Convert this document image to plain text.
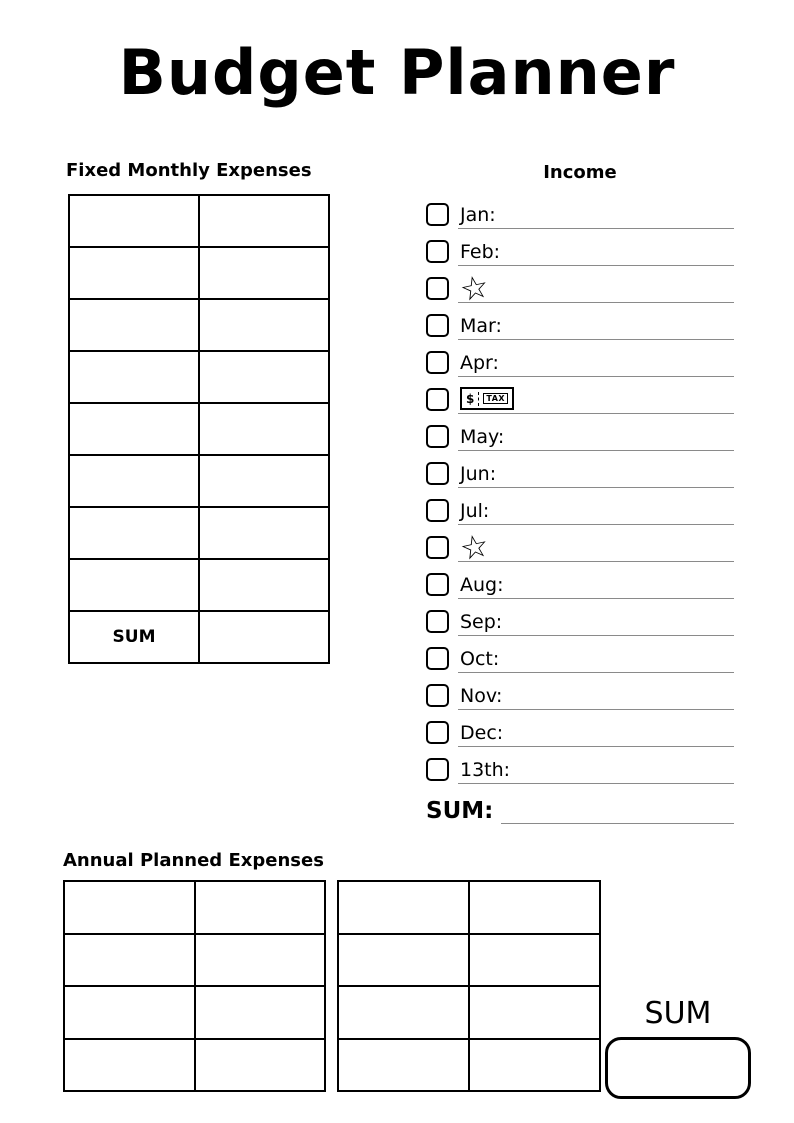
Budget Planner
Fixed Monthly Expenses
SUM
Income
Jan:
Feb:
☆
Mar:
Apr:
$	TAX
May:
Jun:
Jul:
☆
Aug:
Sep:
Oct:
Nov:
Dec:
13th:
SUM:
Annual Planned Expenses
SUM
